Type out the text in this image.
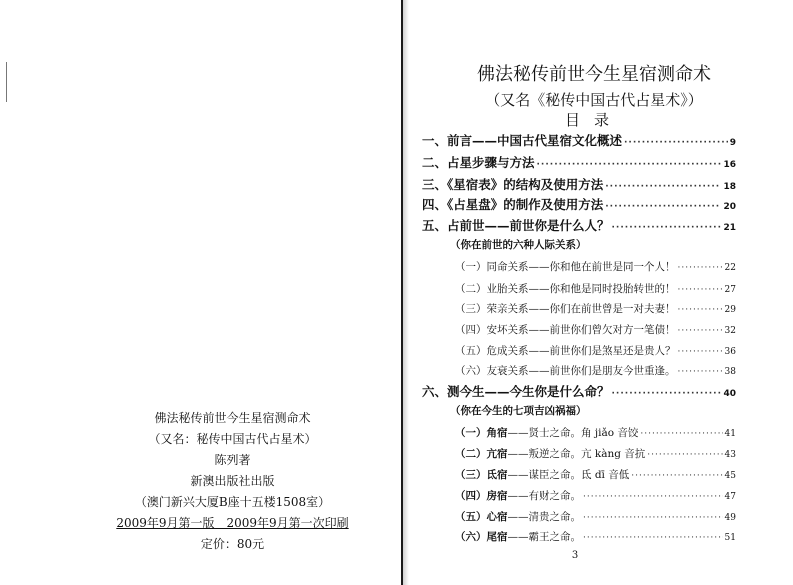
佛法秘传前世今生星宿测命术
（又名：秘传中国古代占星术）
陈列著
新澳出版社出版
（澳门新兴大厦B座十五楼1508室）
2009年9月第一版　2009年9月第一次印刷
定价：80元
佛法秘传前世今生星宿测命术
（又名《秘传中国古代占星术》）
目录
一、前言——中国古代星宿文化概述 ·····	9
二、占星步骤与方法 ·····	16
三、《星宿表》的结构及使用方法 ·····	18
四、《占星盘》的制作及使用方法 ·····	20
五、占前世——前世你是什么人？ ·····	21
（你在前世的六种人际关系）
（一）同命关系——你和他在前世是同一个人！ ·····	22
（二）业胎关系——你和他是同时投胎转世的！ ·····	27
（三）荣亲关系——你们在前世曾是一对夫妻！ ·····	29
（四）安坏关系——前世你们曾欠对方一笔债！ ·····	32
（五）危成关系——前世你们是煞星还是贵人？ ·····	36
（六）友衰关系——前世你们是朋友今世重逢。 ·····	38
六、测今生——今生你是什么命？ ·····	40
（你在今生的七项吉凶祸福）
（一）角宿——贤士之命。角 jiǎo 音饺 ·····	41
（二）亢宿——叛逆之命。亢 kàng 音抗 ·····	43
（三）氐宿——谋臣之命。氐 dī 音低 ·····	45
（四）房宿——有财之命。 ·····	47
（五）心宿——清贵之命。 ·····	49
（六）尾宿——霸王之命。 ·····	51
3
